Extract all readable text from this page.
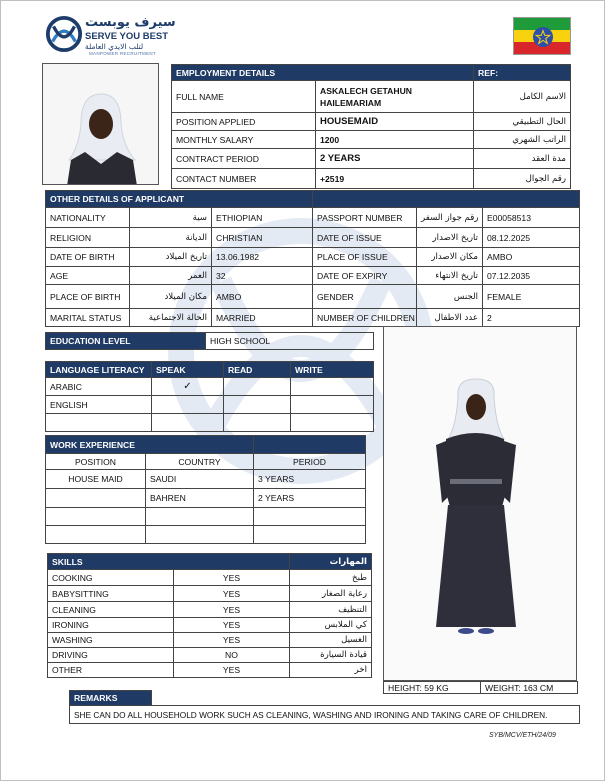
سيرف يوبست
SERVE YOU BEST
لتلب الايدي العاملة
MANPOWER RECRUITMENT
EMPLOYMENT DETAILS		REF:
FULL NAME	ASKALECH GETAHUN HAILEMARIAM	الاسم الكامل
POSITION APPLIED	HOUSEMAID	الحال التطبيقي
MONTHLY SALARY	1200	الراتب الشهري
CONTRACT PERIOD	2 YEARS	مدة العقد
CONTACT NUMBER	+2519	رقم الجوال
OTHER DETAILS OF APPLICANT					
NATIONALITY	سية	ETHIOPIAN	PASSPORT NUMBER	رقم جواز السفر	E00058513
RELIGION	الديانة	CHRISTIAN	DATE OF ISSUE	تاريخ الاصدار	08.12.2025
DATE OF BIRTH	تاريخ الميلاد	13.06.1982	PLACE OF ISSUE	مكان الاصدار	AMBO
AGE	العمر	32	DATE OF EXPIRY	تاريخ الانتهاء	07.12.2035
PLACE OF BIRTH	مكان الميلاد	AMBO	GENDER	الجنس	FEMALE
MARITAL STATUS	الحالة الاجتماعية	MARRIED	NUMBER OF CHILDREN	عدد الاطفال	2
EDUCATION LEVEL	HIGH SCHOOL
LANGUAGE LITERACY	SPEAK	READ	WRITE
ARABIC	✓		
ENGLISH			

WORK EXPERIENCE		
POSITION	COUNTRY	PERIOD
HOUSE MAID	SAUDI	3 YEARS
	BAHREN	2 YEARS

SKILLS		المهارات
COOKING	YES	طبخ
BABYSITTING	YES	رعاية الصغار
CLEANING	YES	التنظيف
IRONING	YES	كي الملابس
WASHING	YES	الغسيل
DRIVING	NO	قيادة السيارة
OTHER	YES	اخر
HEIGHT: 59 KG	WEIGHT: 163 CM
REMARKS	
SHE CAN DO ALL HOUSEHOLD WORK SUCH AS CLEANING, WASHING AND IRONING AND TAKING CARE OF CHILDREN.
SYB/MCV/ETH/24/09
